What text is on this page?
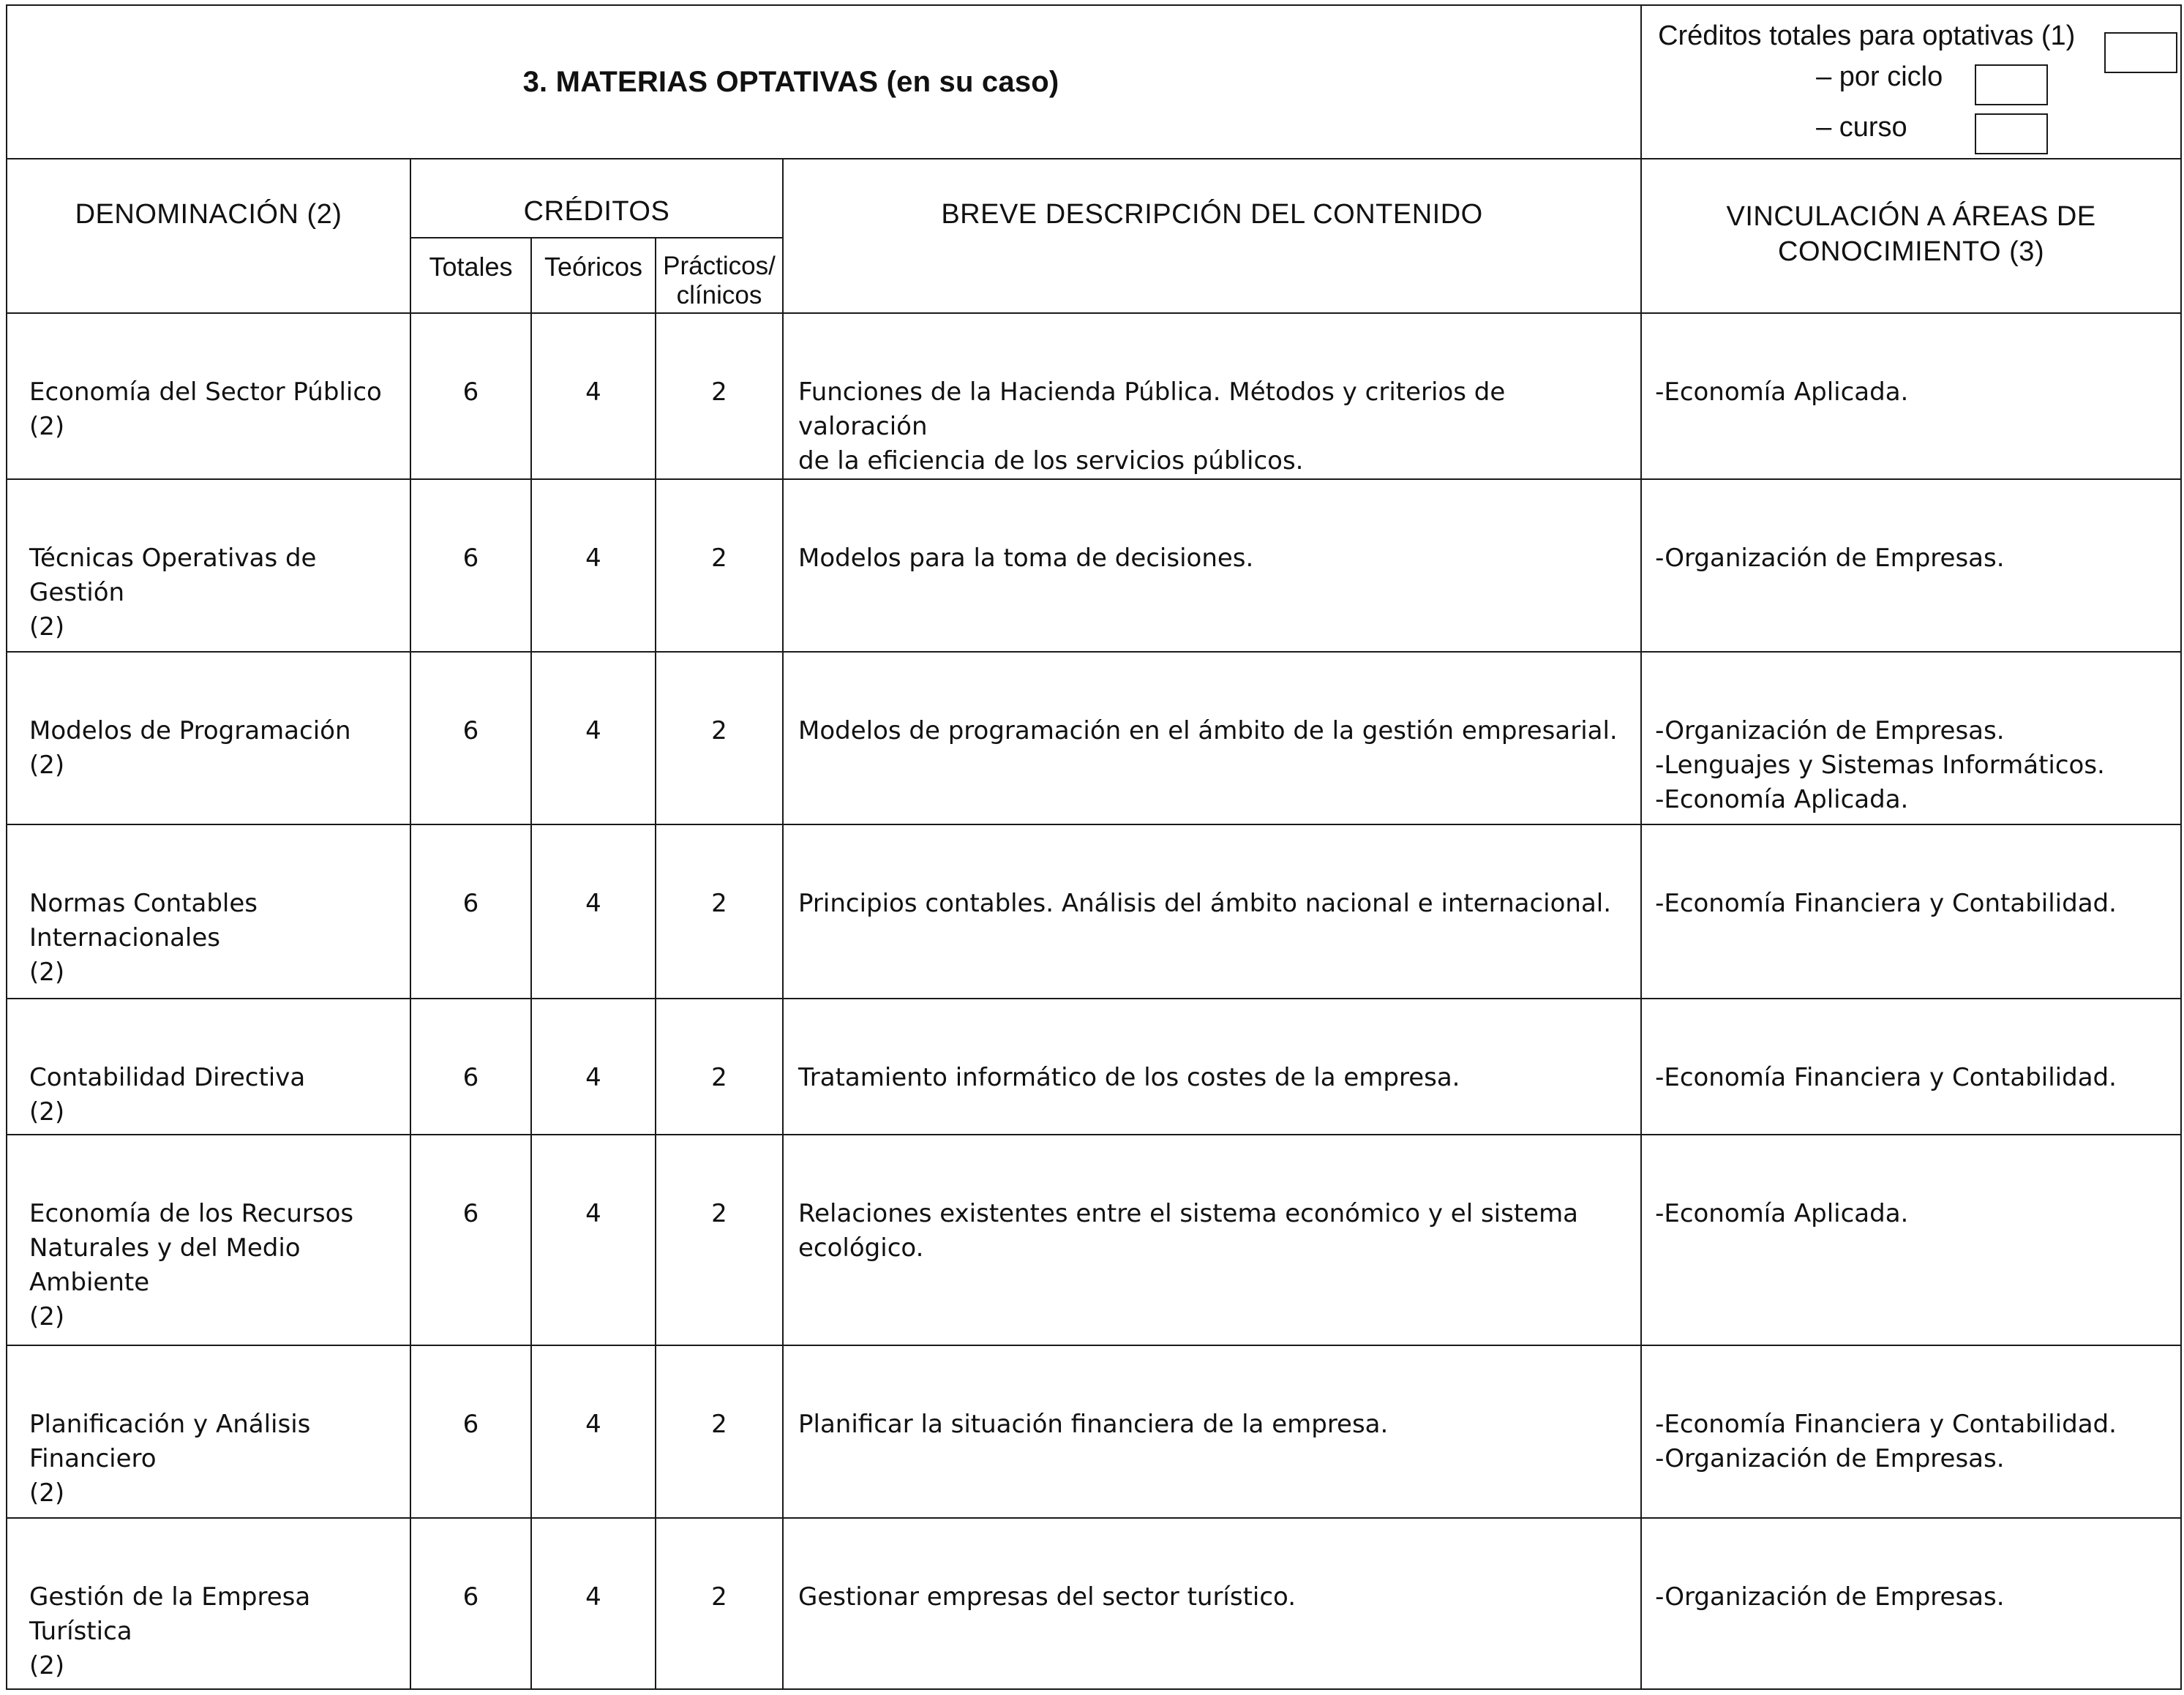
3. MATERIAS OPTATIVAS (en su caso)					Créditos totales para optativas (1)
– por ciclo
– curso

DENOMINACIÓN (2)	CRÉDITOS			BREVE DESCRIPCIÓN DEL CONTENIDO	VINCULACIÓN A ÁREAS DE
CONOCIMIENTO (3)

	Totales	Teóricos	Prácticos/
clínicos		

Economía del Sector Público
(2)	6	4	2	Funciones de la Hacienda Pública. Métodos y criterios de valoración
de la eficiencia de los servicios públicos.	-Economía Aplicada.

Técnicas Operativas de
Gestión
(2)	6	4	2	Modelos para la toma de decisiones.	-Organización de Empresas.

Modelos de Programación
(2)	6	4	2	Modelos de programación en el ámbito de la gestión empresarial.	-Organización de Empresas.
-Lenguajes y Sistemas Informáticos.
-Economía Aplicada.

Normas Contables
Internacionales
(2)	6	4	2	Principios contables. Análisis del ámbito nacional e internacional.	-Economía Financiera y Contabilidad.

Contabilidad Directiva
(2)	6	4	2	Tratamiento informático de los costes de la empresa.	-Economía Financiera y Contabilidad.

Economía de los Recursos
Naturales y del Medio
Ambiente
(2)	6	4	2	Relaciones existentes entre el sistema económico y el sistema
ecológico.	-Economía Aplicada.

Planificación y Análisis
Financiero
(2)	6	4	2	Planificar la situación financiera de la empresa.	-Economía Financiera y Contabilidad.
-Organización de Empresas.

Gestión de la Empresa
Turística
(2)	6	4	2	Gestionar empresas del sector turístico.	-Organización de Empresas.
